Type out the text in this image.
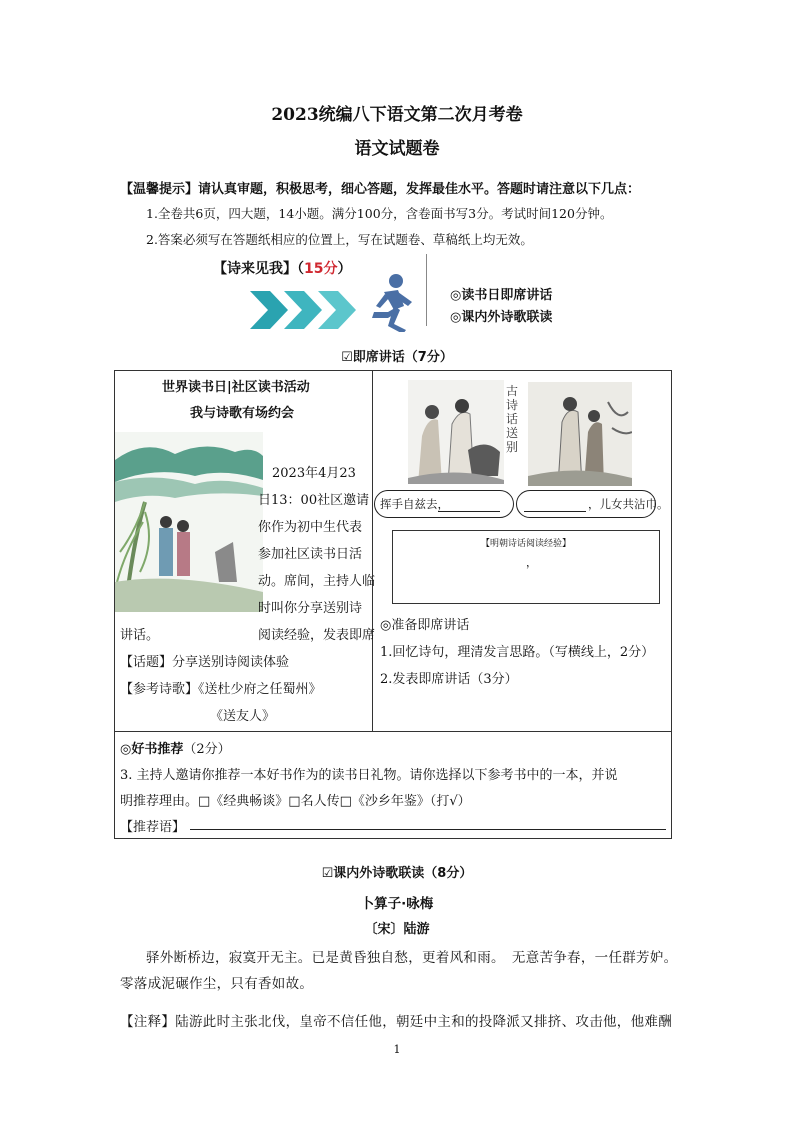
2023统编八下语文第二次月考卷
语文试题卷
【温馨提示】请认真审题，积极思考，细心答题，发挥最佳水平。答题时请注意以下几点：
1.全卷共6页，四大题，14小题。满分100分，含卷面书写3分。考试时间120分钟。
2.答案必须写在答题纸相应的位置上，写在试题卷、草稿纸上均无效。
【诗来见我】（15分）
◎读书日即席讲话
◎课内外诗歌联读
☑即席讲话（7分）
世界读书日|社区读书活动
我与诗歌有场约会
2023年4月23
日13：00社区邀请
你作为初中生代表
参加社区读书日活
动。席间，主持人临
时叫你分享送别诗
阅读经验，发表即席
讲话。
【话题】分享送别诗阅读体验
【参考诗歌】《送杜少府之任蜀州》
《送友人》
古诗话送别
挥手自兹去，	，儿女共沾巾。
【明朝诗话阅读经验】
，
◎准备即席讲话
1.回忆诗句，理清发言思路。（写横线上，2分）
2.发表即席讲话（3分）
◎好书推荐（2分）
3. 主持人邀请你推荐一本好书作为的读书日礼物。请你选择以下参考书中的一本，并说
明推荐理由。□《经典畅谈》□名人传□《沙乡年鉴》（打√）
【推荐语】
☑课内外诗歌联读（8分）
卜算子·咏梅
〔宋〕陆游
驿外断桥边，寂寞开无主。已是黄昏独自愁，更着风和雨。　无意苦争春，一任群芳妒。
零落成泥碾作尘，只有香如故。
【注释】陆游此时主张北伐，皇帝不信任他，朝廷中主和的投降派又排挤、攻击他，他难酬
1
